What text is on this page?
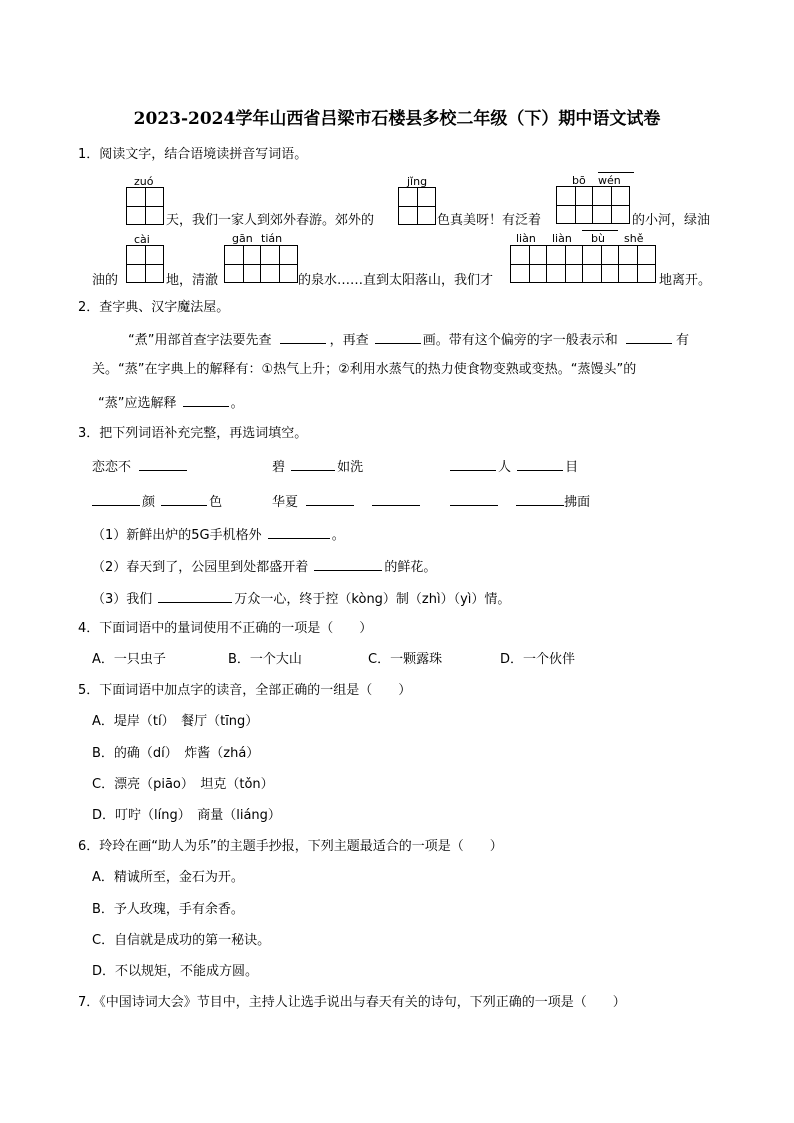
2023-2024学年山西省吕梁市石楼县多校二年级（下）期中语文试卷
1．阅读文字，结合语境读拼音写词语。
zuó
天，我们一家人到郊外春游。郊外的
jǐng
色真美呀！有泛着
bō wén
的小河，绿油
cài
油的	地，清澈
gān tián
的泉水……直到太阳落山，我们才
liàn liàn bù shě
地离开。
2．查字典、汉字魔法屋。
“煮”用部首查字法要先查	，再查	画。带有这个偏旁的字一般表示和	有
关。“蒸”在字典上的解释有：①热气上升；②利用水蒸气的热力使食物变熟或变热。“蒸馒头”的
“蒸”应选解释	。
3．把下列词语补充完整，再选词填空。
恋恋不	碧	如洗	人	目
颜	色	华夏	拂面
（1）新鲜出炉的5G手机格外	。
（2）春天到了，公园里到处都盛开着	的鲜花。
（3）我们	万众一心，终于控（kòng）制（zhì）（yì）情。
4．下面词语中的量词使用不正确的一项是（　　）
A．一只虫子	B．一个大山	C．一颗露珠	D．一个伙伴
5．下面词语中加点字的读音，全部正确的一组是（　　）
A．堤岸（tí）　餐厅（tīng）
B．的确（dí）　炸酱（zhá）
C．漂亮（piāo）　坦克（tǒn）
D．叮咛（líng）　商量（liáng）
6．玲玲在画“助人为乐”的主题手抄报，下列主题最适合的一项是（　　）
A．精诚所至，金石为开。
B．予人玫瑰，手有余香。
C．自信就是成功的第一秘诀。
D．不以规矩，不能成方圆。
7．《中国诗词大会》节目中，主持人让选手说出与春天有关的诗句，下列正确的一项是（　　）
